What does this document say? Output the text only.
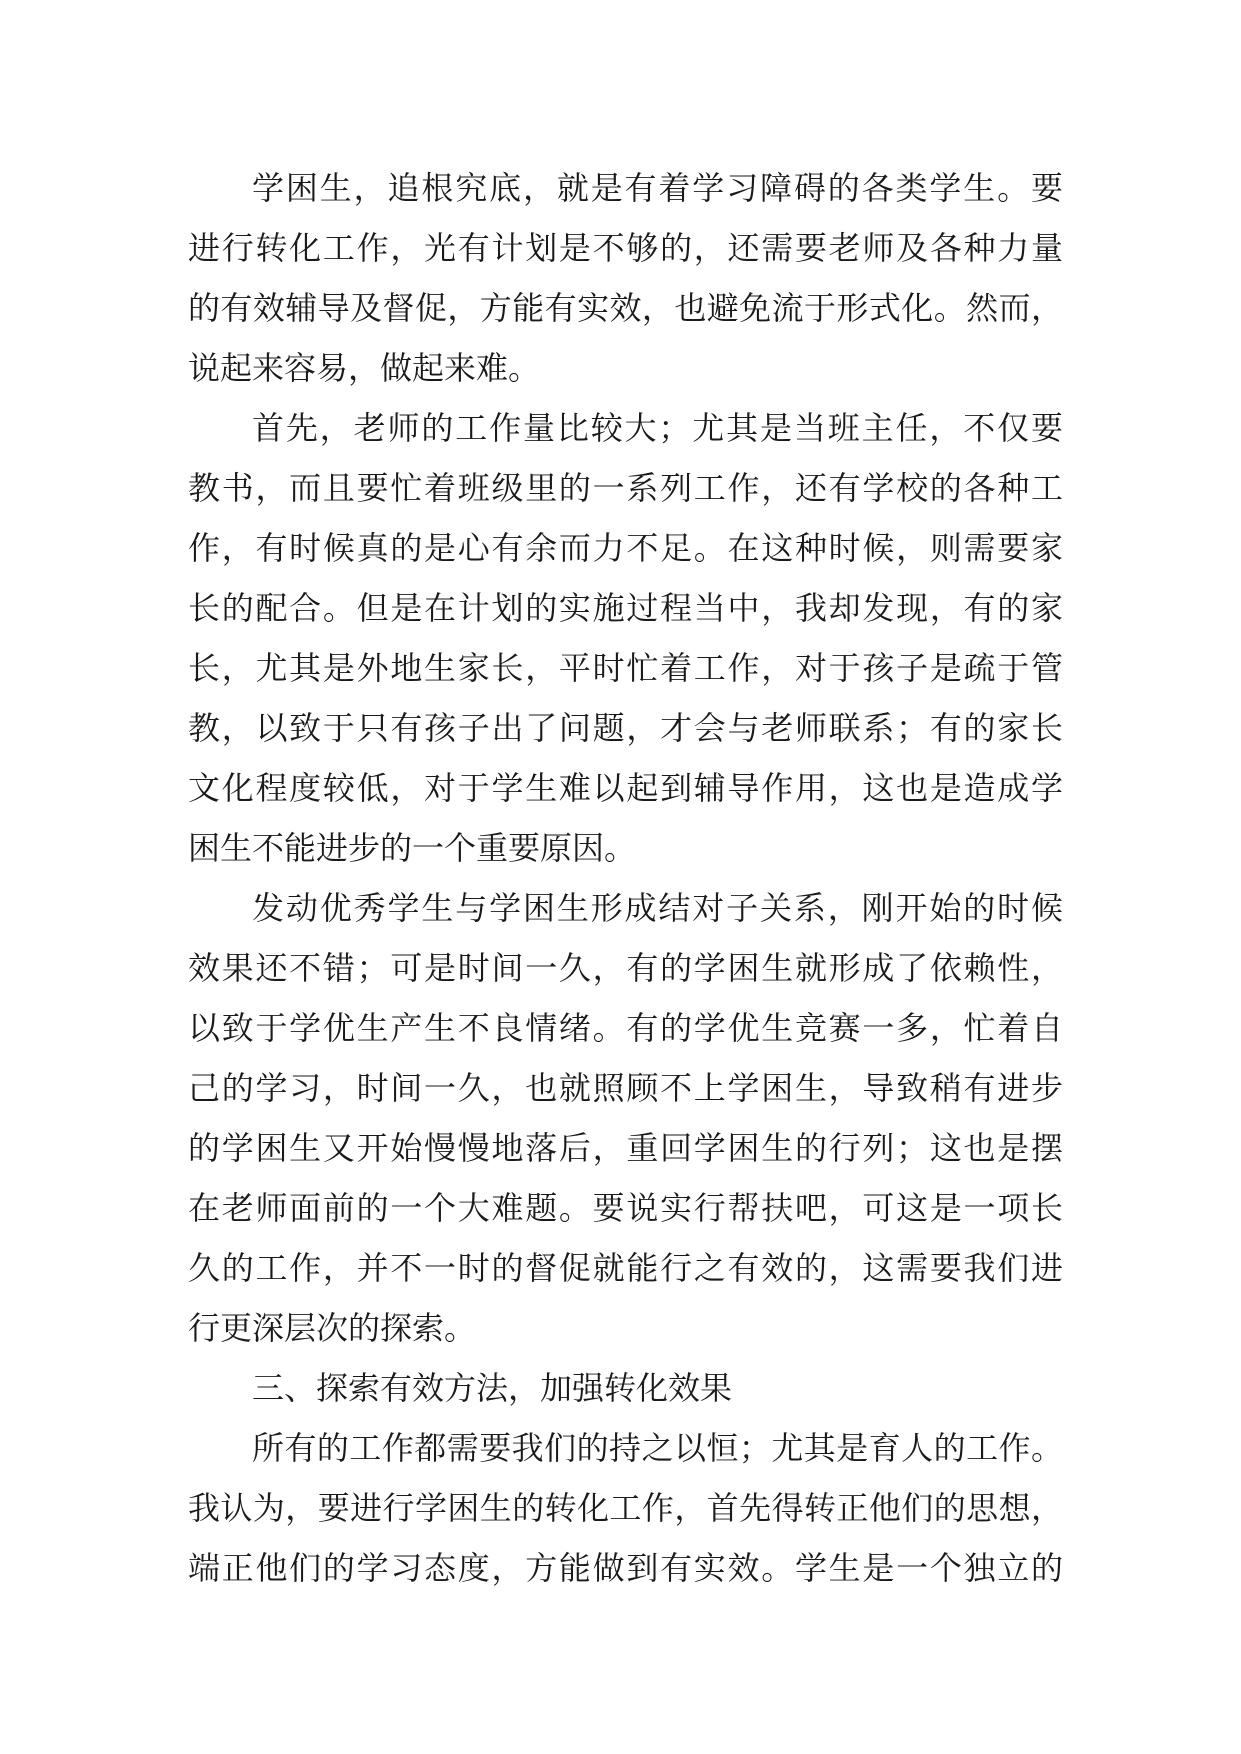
学困生，追根究底，就是有着学习障碍的各类学生。要
进行转化工作，光有计划是不够的，还需要老师及各种力量
的有效辅导及督促，方能有实效，也避免流于形式化。然而，
说起来容易，做起来难。
首先，老师的工作量比较大；尤其是当班主任，不仅要
教书，而且要忙着班级里的一系列工作，还有学校的各种工
作，有时候真的是心有余而力不足。在这种时候，则需要家
长的配合。但是在计划的实施过程当中，我却发现，有的家
长，尤其是外地生家长，平时忙着工作，对于孩子是疏于管
教，以致于只有孩子出了问题，才会与老师联系；有的家长
文化程度较低，对于学生难以起到辅导作用，这也是造成学
困生不能进步的一个重要原因。
发动优秀学生与学困生形成结对子关系，刚开始的时候
效果还不错；可是时间一久，有的学困生就形成了依赖性，
以致于学优生产生不良情绪。有的学优生竞赛一多，忙着自
己的学习，时间一久，也就照顾不上学困生，导致稍有进步
的学困生又开始慢慢地落后，重回学困生的行列；这也是摆
在老师面前的一个大难题。要说实行帮扶吧，可这是一项长
久的工作，并不一时的督促就能行之有效的，这需要我们进
行更深层次的探索。
三、探索有效方法，加强转化效果
所有的工作都需要我们的持之以恒；尤其是育人的工作。
我认为，要进行学困生的转化工作，首先得转正他们的思想，
端正他们的学习态度，方能做到有实效。学生是一个独立的
